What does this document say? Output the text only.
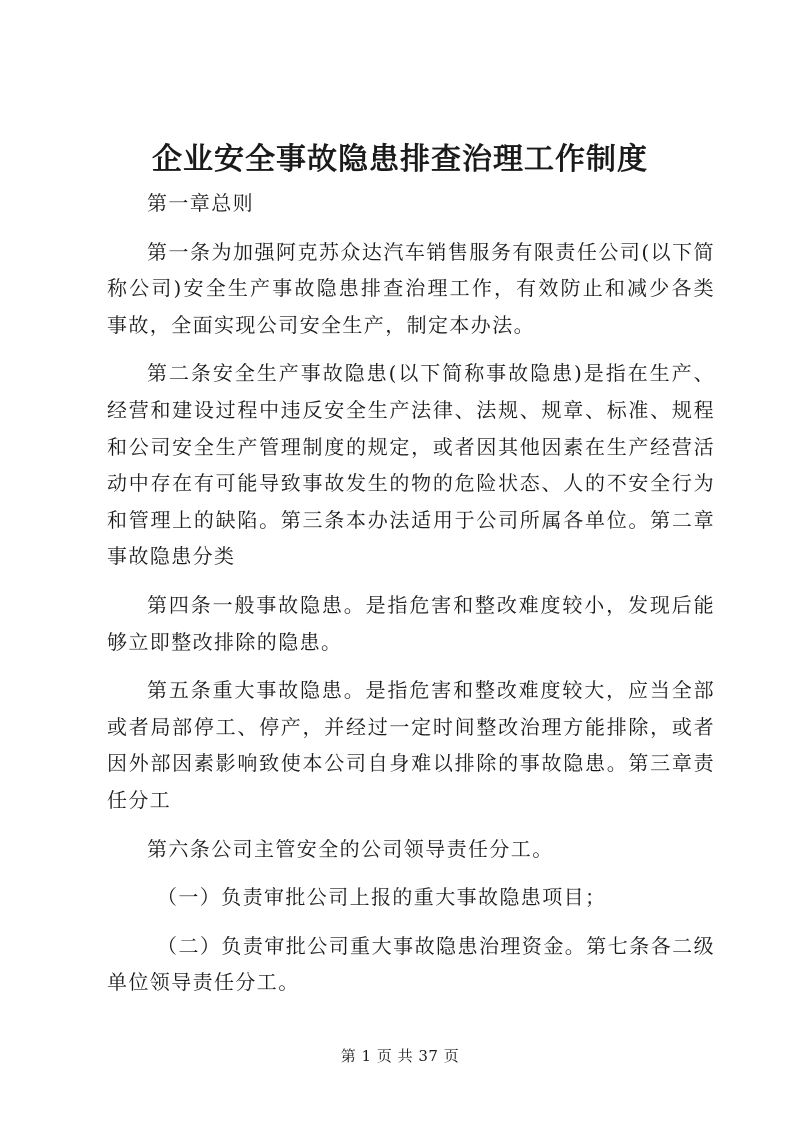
企业安全事故隐患排查治理工作制度

第一章总则

第一条为加强阿克苏众达汽车销售服务有限责任公司(以下简称公司)安全生产事故隐患排查治理工作，有效防止和减少各类事故，全面实现公司安全生产，制定本办法。

第二条安全生产事故隐患(以下简称事故隐患)是指在生产、经营和建设过程中违反安全生产法律、法规、规章、标准、规程和公司安全生产管理制度的规定，或者因其他因素在生产经营活动中存在有可能导致事故发生的物的危险状态、人的不安全行为和管理上的缺陷。第三条本办法适用于公司所属各单位。第二章事故隐患分类

第四条一般事故隐患。是指危害和整改难度较小，发现后能够立即整改排除的隐患。

第五条重大事故隐患。是指危害和整改难度较大，应当全部或者局部停工、停产，并经过一定时间整改治理方能排除，或者因外部因素影响致使本公司自身难以排除的事故隐患。第三章责任分工

第六条公司主管安全的公司领导责任分工。

（一）负责审批公司上报的重大事故隐患项目；

（二）负责审批公司重大事故隐患治理资金。第七条各二级单位领导责任分工。

第 1 页 共 37 页
